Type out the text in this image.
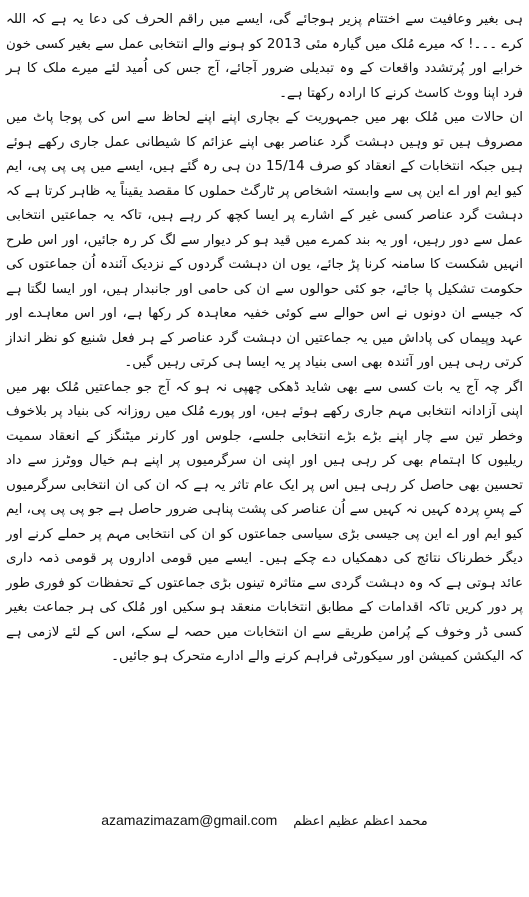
ہی بغیر وعافیت سے اختتام پزیر ہوجائے گی، ایسے میں راقم الحرف کی دعا یہ ہے کہ اللہ کرے ۔۔۔! کہ میرے مُلک میں گیارہ مئی 2013 کو ہونے والے انتخابی عمل سے بغیر کسی خون خرابے اور پُرتشدد واقعات کے وہ تبدیلی ضرور آجائے، آج جس کی اُمید لئے میرے ملک کا ہر فرد اپنا ووٹ کاسٹ کرنے کا ارادہ رکھتا ہے۔

ان حالات میں مُلک بھر میں جمہوریت کے بچاری اپنے اپنے لحاظ سے اس کی پوجا پاٹ میں مصروف ہیں تو وہیں دہشت گرد عناصر بھی اپنے عزائم کا شیطانی عمل جاری رکھے ہوئے ہیں جبکہ انتخابات کے انعقاد کو صرف 15/14 دن ہی رہ گئے ہیں، ایسے میں پی پی پی، ایم کیو ایم اور اے این پی سے وابستہ اشخاص پر ٹارگٹ حملوں کا مقصد یقیناً یہ ظاہر کرتا ہے کہ دہشت گرد عناصر کسی غیر کے اشارے پر ایسا کچھ کر رہے ہیں، تاکہ یہ جماعتیں انتخابی عمل سے دور رہیں، اور یہ بند کمرے میں قید ہو کر دیوار سے لگ کر رہ جائیں، اور اس طرح انہیں شکست کا سامنہ کرنا پڑ جائے، یوں ان دہشت گردوں کے نزدیک آئندہ اُن جماعتوں کی حکومت تشکیل پا جائے، جو کئی حوالوں سے ان کی حامی اور جانبدار ہیں، اور ایسا لگتا ہے کہ جیسے ان دونوں نے اس حوالے سے کوئی خفیہ معاہدہ کر رکھا ہے، اور اس معاہدے اور عہد وپیماں کی پاداش میں یہ جماعتیں ان دہشت گرد عناصر کے ہر فعل شنیع کو نظر انداز کرتی رہی ہیں اور آئندہ بھی اسی بنیاد پر یہ ایسا ہی کرتی رہیں گیں۔

اگر چہ آج یہ بات کسی سے بھی شاید ڈھکی چھپی نہ ہو کہ آج جو جماعتیں مُلک بھر میں اپنی آزادانہ انتخابی مہم جاری رکھے ہوئے ہیں، اور پورے مُلک میں روزانہ کی بنیاد پر بلاخوف وخطر تین سے چار اپنے بڑے بڑے انتخابی جلسے، جلوس اور کارنر میٹنگز کے انعقاد سمیت ریلیوں کا اہتمام بھی کر رہی ہیں اور اپنی ان سرگرمیوں پر اپنے ہم خیال ووٹرز سے داد تحسین بھی حاصل کر رہی ہیں اس پر ایک عام تاثر یہ ہے کہ ان کی ان انتخابی سرگرمیوں کے پسِ پردہ کہیں نہ کہیں سے اُن عناصر کی پشت پناہی ضرور حاصل ہے جو پی پی پی، ایم کیو ایم اور اے این پی جیسی بڑی سیاسی جماعتوں کو ان کی انتخابی مہم پر حملے کرنے اور دیگر خطرناک نتائج کی دھمکیاں دے چکے ہیں۔ ایسے میں قومی اداروں پر قومی ذمہ داری عائد ہوتی ہے کہ وہ دہشت گردی سے متاثرہ تینوں بڑی جماعتوں کے تحفظات کو فوری طور پر دور کریں تاکہ اقدامات کے مطابق انتخابات منعقد ہو سکیں اور مُلک کی ہر جماعت بغیر کسی ڈر وخوف کے پُرامن طریقے سے ان انتخابات میں حصہ لے سکے، اس کے لئے لازمی ہے کہ الیکشن کمیشن اور سیکورٹی فراہم کرنے والے ادارے متحرک ہو جائیں۔

azamazimazam@gmail.com محمد اعظم عظیم اعظم
